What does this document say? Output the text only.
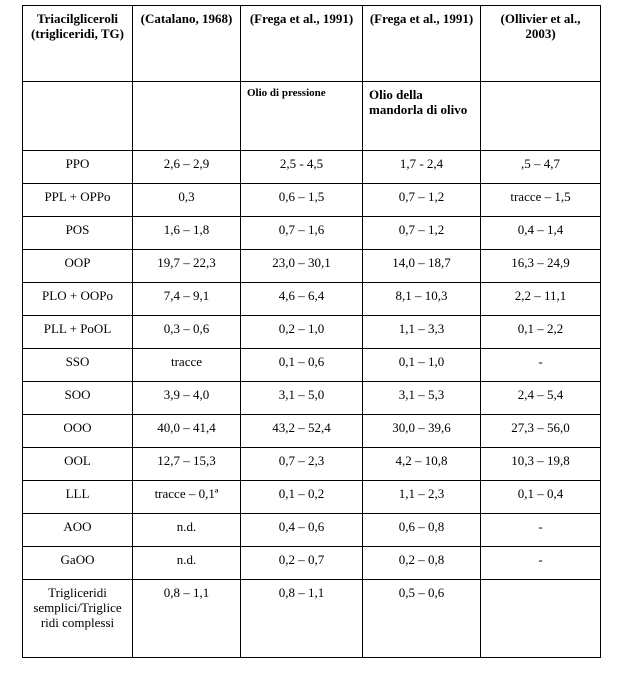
Triacilgliceroli (trigliceridi, TG)	(Catalano, 1968)	(Frega et al., 1991)	(Frega et al., 1991)	(Ollivier et al., 2003)
		Olio di pressione	Olio della mandorla di olivo	
PPO	2,6 – 2,9	2,5 - 4,5	1,7 - 2,4	,5 – 4,7
PPL + OPPo	0,3	0,6 – 1,5	0,7 – 1,2	tracce – 1,5
POS	1,6 – 1,8	0,7 – 1,6	0,7 – 1,2	0,4 – 1,4
OOP	19,7 – 22,3	23,0 – 30,1	14,0 – 18,7	16,3 – 24,9
PLO + OOPo	7,4 – 9,1	4,6 – 6,4	8,1 – 10,3	2,2 – 11,1
PLL + PoOL	0,3 – 0,6	0,2 – 1,0	1,1 – 3,3	0,1 – 2,2
SSO	tracce	0,1 – 0,6	0,1 – 1,0	-
SOO	3,9 – 4,0	3,1 – 5,0	3,1 – 5,3	2,4 – 5,4
OOO	40,0 – 41,4	43,2 – 52,4	30,0 – 39,6	27,3 – 56,0
OOL	12,7 – 15,3	0,7 – 2,3	4,2 – 10,8	10,3 – 19,8
LLL	tracce – 0,1ª	0,1 – 0,2	1,1 – 2,3	0,1 – 0,4
AOO	n.d.	0,4 – 0,6	0,6 – 0,8	-
GaOO	n.d.	0,2 – 0,7	0,2 – 0,8	-
Trigliceridi semplici/Triglice ridi complessi	0,8 – 1,1	0,8 – 1,1	0,5 – 0,6	
